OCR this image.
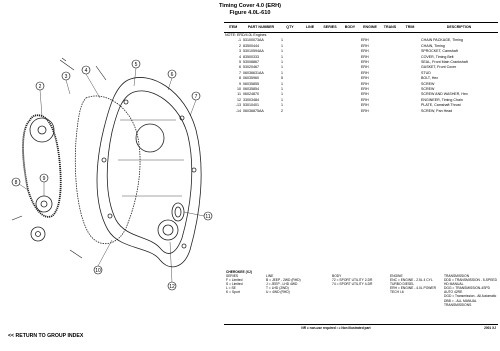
Timing Cover 4.0 (ERH)
Figure 4.0L-610
2
3
4
5
6
7
8
9
10
11
12
ITEM	PART NUMBER	QTY	LINE	SERIES	BODY	ENGINE	TRANS	TRIM	DESCRIPTION
NOTE: ERD/4.0L Engines									
-1	53100073AA	1				ERH			CHAIN PACKAGE, Timing
2	83500444	1				ERH			CHAIN, Timing
3	53010594AA	1				ERH			SPROCKET, Camshaft
4	83500333	1				ERH			COVER, Timing Belt
5	53008867	1				ERH			SEAL, Front Main Crankshaft
6	53020467	1				ERH			GASKET, Front Cover
7	06036631AA	1				ERH			STUD
8	06035960	5				ERH			BOLT, Hex
9	06035855	1				ERH			SCREW
10	06035854	1				ERH			SCREW
11	06024870	1				ERH			SCREW AND WASHER, Hex
12	33003484	1				ERH			ENGINEER, Timing Chain
-13	53010401	1				ERH			PLATE, Camshaft Thrust
-14	06036875AA	2				ERH			SCREW, Pan Head
CHEROKEE (XJ)
SERIES
F = Limited
S = Limited
L = SE
K = Sport
LINE
B = JEEP - 2WD (RHD)
J = JEEP - LHD 4WD
T = LHD (2WD)
U = 4WD (RHD)
BODY
72 = SPORT UTILITY 2-DR
74 = SPORT UTILITY 4-DR
ENGINE
ENC = ENGINE - 2.5L 4 CYL TURBO DIESEL
ERH = ENGINE - 4.0L POWER TECH I-6
TRANSMISSION
DDD = TRANSMISSION - 5-SPEED HD MANUAL
DGG = TRANSMISSION-4SPD AUTO 42RE
DGD = Transmission - All Automatic
DBB = - ALL MANUAL TRANSMISSIONS
NR = non-use required • = Non illustrated part	2001 XJ
<< RETURN TO GROUP INDEX
